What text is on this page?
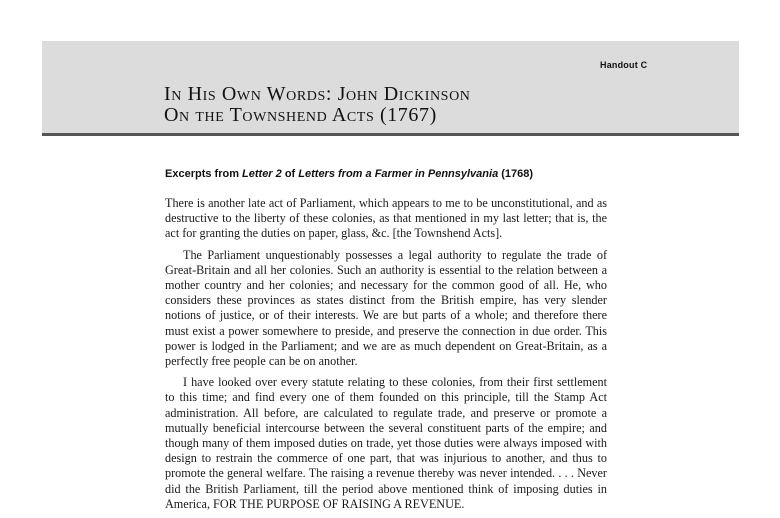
Handout C
In His Own Words: John Dickinson
On the Townshend Acts (1767)
Excerpts from Letter 2 of Letters from a Farmer in Pennsylvania (1768)

There is another late act of Parliament, which appears to me to be unconstitutional, and as destructive to the liberty of these colonies, as that mentioned in my last letter; that is, the act for granting the duties on paper, glass, &c. [the Townshend Acts].

The Parliament unquestionably possesses a legal authority to regulate the trade of Great-Britain and all her colonies. Such an authority is essential to the relation between a mother country and her colonies; and necessary for the common good of all. He, who considers these provinces as states distinct from the British empire, has very slender notions of justice, or of their interests. We are but parts of a whole; and therefore there must exist a power somewhere to preside, and preserve the connection in due order. This power is lodged in the Parliament; and we are as much dependent on Great-Britain, as a perfectly free people can be on another.

I have looked over every statute relating to these colonies, from their first settlement to this time; and find every one of them founded on this principle, till the Stamp Act administration. All before, are calculated to regulate trade, and preserve or promote a mutually beneficial intercourse between the several constituent parts of the empire; and though many of them imposed duties on trade, yet those duties were always imposed with design to restrain the commerce of one part, that was injurious to another, and thus to promote the general welfare. The raising a revenue thereby was never intended. . . . Never did the British Parliament, till the period above mentioned think of imposing duties in America, FOR THE PURPOSE OF RAISING A REVENUE.
